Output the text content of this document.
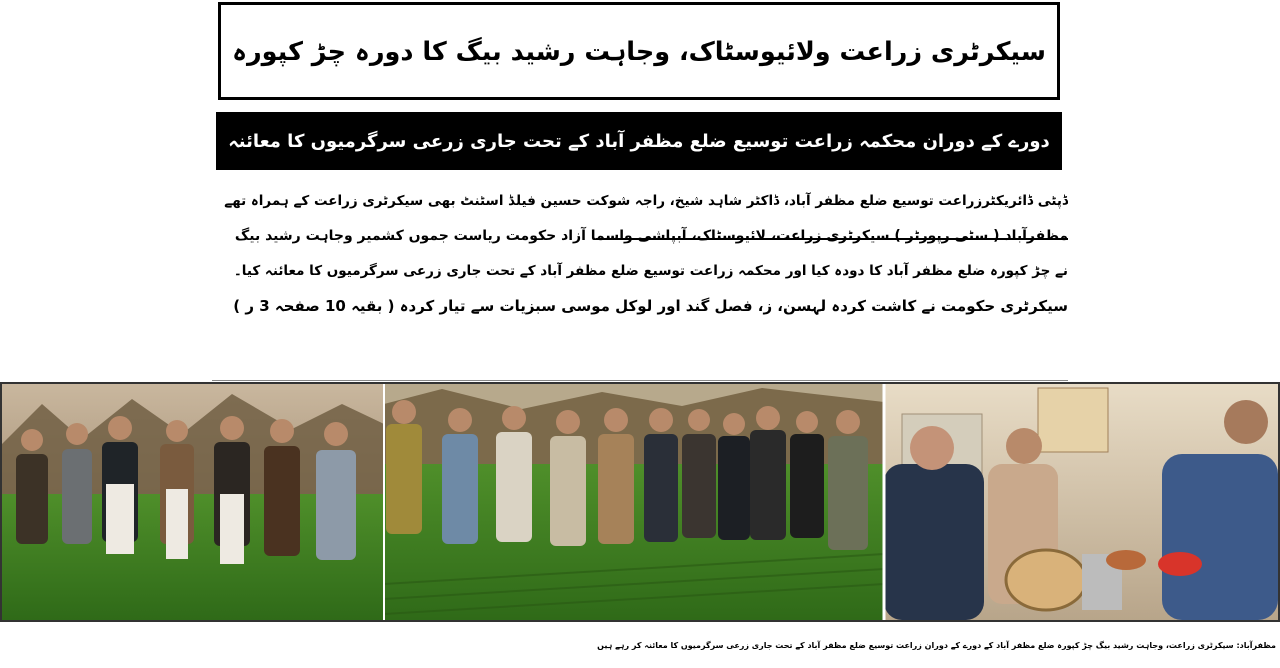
سیکرٹری زراعت ولائیوسٹاک، وجاہت رشید بیگ کا دورہ چڑ کپورہ
دورے کے دوران محکمہ زراعت توسیع ضلع مظفر آباد کے تحت جاری زرعی سرگرمیوں کا معائنہ
ڈپٹی ڈائریکٹرزراعت توسیع ضلع مظفر آباد، ڈاکٹر شاہد شیخ، راجہ شوکت حسین فیلڈ اسٹنٹ بھی سیکرٹری زراعت کے ہمراہ تھے
مظفرآباد ( سٹی رپورٹر ) سیکرٹری زراعت، لائیوسٹاک، آبپاشی واسما آزاد حکومت ریاست جموں کشمیر وجاہت رشید بیگ
نے چڑ کپورہ ضلع مظفر آباد کا دودہ کیا اور محکمہ زراعت توسیع ضلع مظفر آباد کے تحت جاری زرعی سرگرمیوں کا معائنہ کیا۔
سیکرٹری حکومت نے کاشت کردہ لہسن، ز، فصل گند اور لوکل موسی سبزیات سے تیار کردہ ( بقیہ 10 صفحہ 3 ر )
مظفرآباد: سیکرٹری زراعت، وجاہت رشید بیگ چڑ کپورہ ضلع مظفر آباد کے دورے کے دوران زراعت توسیع ضلع مظفر آباد کے تحت جاری زرعی سرگرمیوں کا معائنہ کر رہے ہیں
